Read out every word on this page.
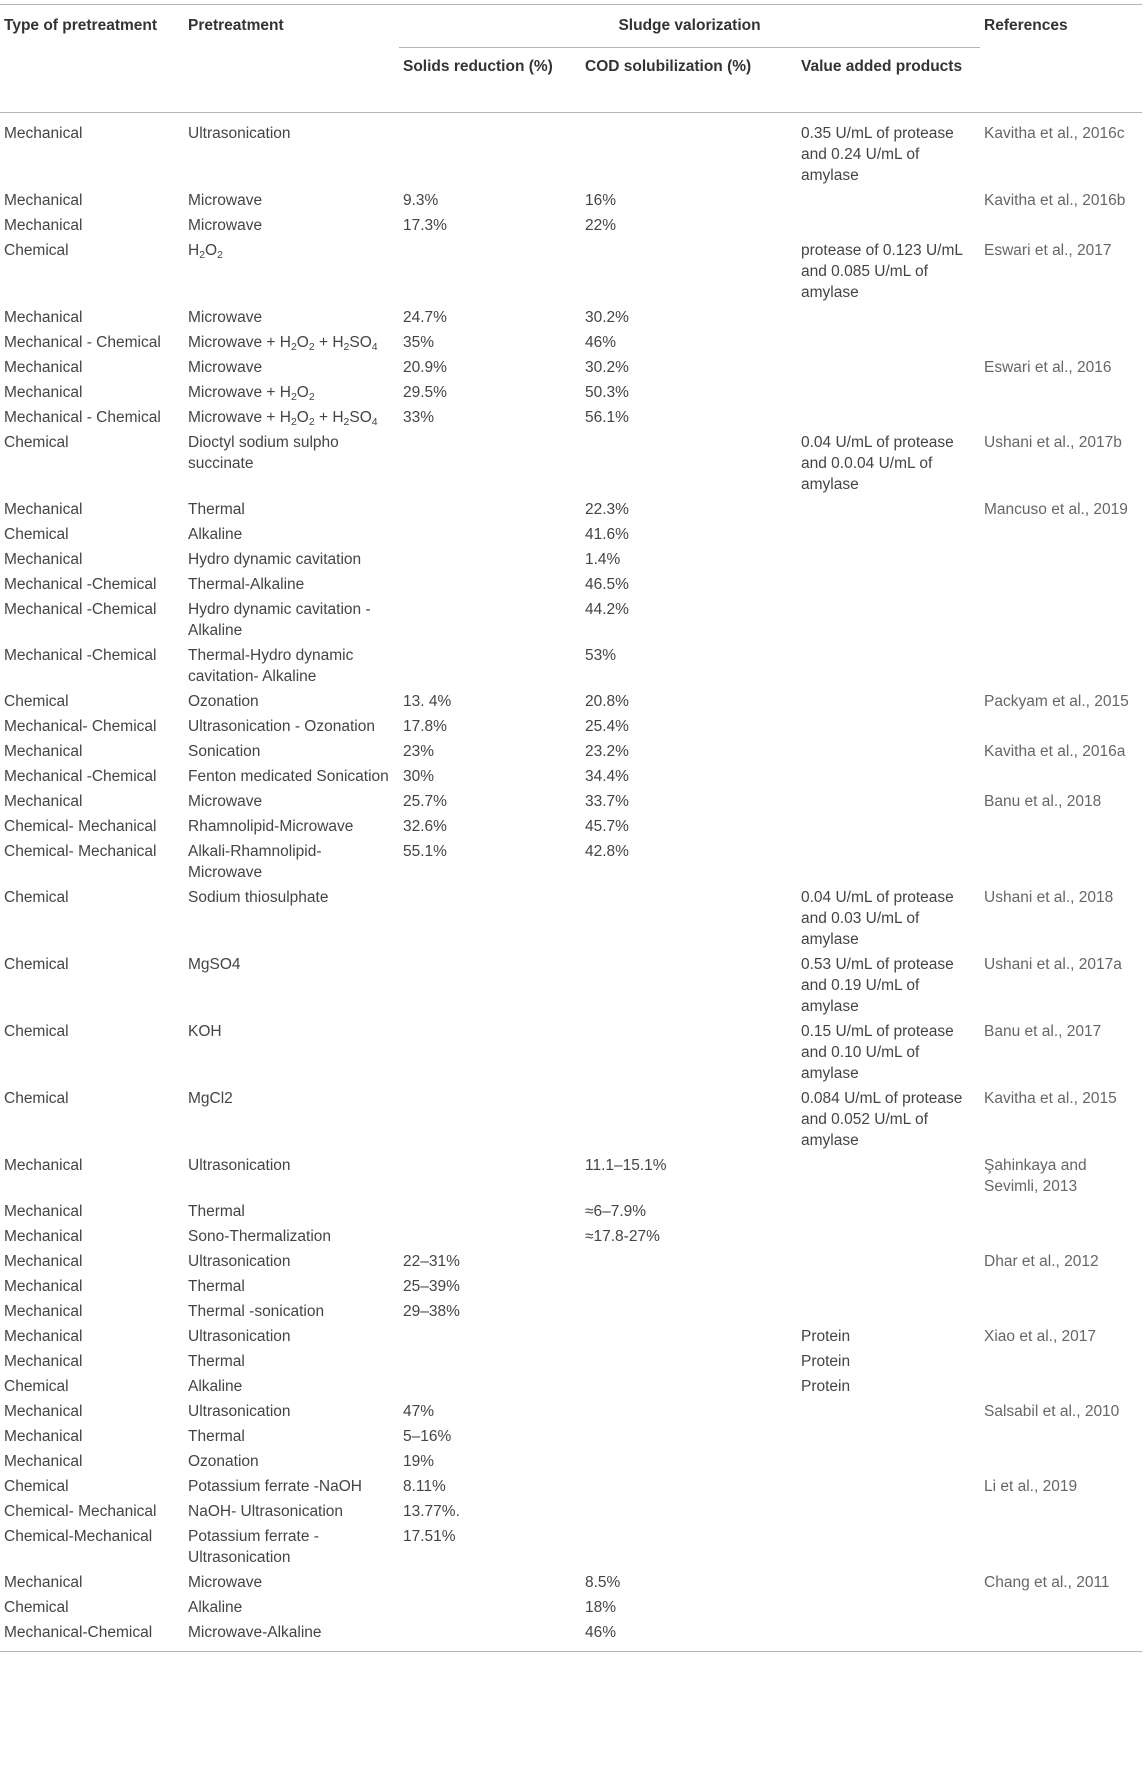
Type of pretreatment	Pretreatment	Sludge valorization			References
		Solids reduction (%)	COD solubilization (%)	Value added products	
Mechanical	Ultrasonication			0.35 U/mL of protease and 0.24 U/mL of amylase	Kavitha et al., 2016c
Mechanical	Microwave	9.3%	16%		Kavitha et al., 2016b
Mechanical	Microwave	17.3%	22%		
Chemical	$H_2O_2$			protease of 0.123 U/mL and 0.085 U/mL of amylase	Eswari et al., 2017
Mechanical	Microwave	24.7%	30.2%		
Mechanical - Chemical	Microwave + $H_2O_2 + H_2SO_4$	35%	46%		
Mechanical	Microwave	20.9%	30.2%		Eswari et al., 2016
Mechanical	Microwave + $H_2O_2$	29.5%	50.3%		
Mechanical - Chemical	Microwave + $H_2O_2 + H_2SO_4$	33%	56.1%		
Chemical	Dioctyl sodium sulpho succinate			0.04 U/mL of protease and 0.0.04 U/mL of amylase	Ushani et al., 2017b
Mechanical	Thermal		22.3%		Mancuso et al., 2019
Chemical	Alkaline		41.6%		
Mechanical	Hydro dynamic cavitation		1.4%		
Mechanical -Chemical	Thermal-Alkaline		46.5%		
Mechanical -Chemical	Hydro dynamic cavitation - Alkaline		44.2%		
Mechanical -Chemical	Thermal-Hydro dynamic cavitation- Alkaline		53%		
Chemical	Ozonation	13. 4%	20.8%		Packyam et al., 2015
Mechanical- Chemical	Ultrasonication - Ozonation	17.8%	25.4%		
Mechanical	Sonication	23%	23.2%		Kavitha et al., 2016a
Mechanical -Chemical	Fenton medicated Sonication	30%	34.4%		
Mechanical	Microwave	25.7%	33.7%		Banu et al., 2018
Chemical- Mechanical	Rhamnolipid-Microwave	32.6%	45.7%		
Chemical- Mechanical	Alkali-Rhamnolipid-Microwave	55.1%	42.8%		
Chemical	Sodium thiosulphate			0.04 U/mL of protease and 0.03 U/mL of amylase	Ushani et al., 2018
Chemical	MgSO4			0.53 U/mL of protease and 0.19 U/mL of amylase	Ushani et al., 2017a
Chemical	KOH			0.15 U/mL of protease and 0.10 U/mL of amylase	Banu et al., 2017
Chemical	MgCl2			0.084 U/mL of protease and 0.052 U/mL of amylase	Kavitha et al., 2015
Mechanical	Ultrasonication		11.1–15.1%		Şahinkaya and Sevimli, 2013
Mechanical	Thermal		≈6–7.9%		
Mechanical	Sono-Thermalization		≈17.8-27%		
Mechanical	Ultrasonication	22–31%			Dhar et al., 2012
Mechanical	Thermal	25–39%			
Mechanical	Thermal -sonication	29–38%			
Mechanical	Ultrasonication			Protein	Xiao et al., 2017
Mechanical	Thermal			Protein	
Chemical	Alkaline			Protein	
Mechanical	Ultrasonication	47%			Salsabil et al., 2010
Mechanical	Thermal	5–16%			
Mechanical	Ozonation	19%			
Chemical	Potassium ferrate -NaOH	8.11%			Li et al., 2019
Chemical- Mechanical	NaOH- Ultrasonication	13.77%.			
Chemical-Mechanical	Potassium ferrate -Ultrasonication	17.51%			
Mechanical	Microwave		8.5%		Chang et al., 2011
Chemical	Alkaline		18%		
Mechanical-Chemical	Microwave-Alkaline		46%		
